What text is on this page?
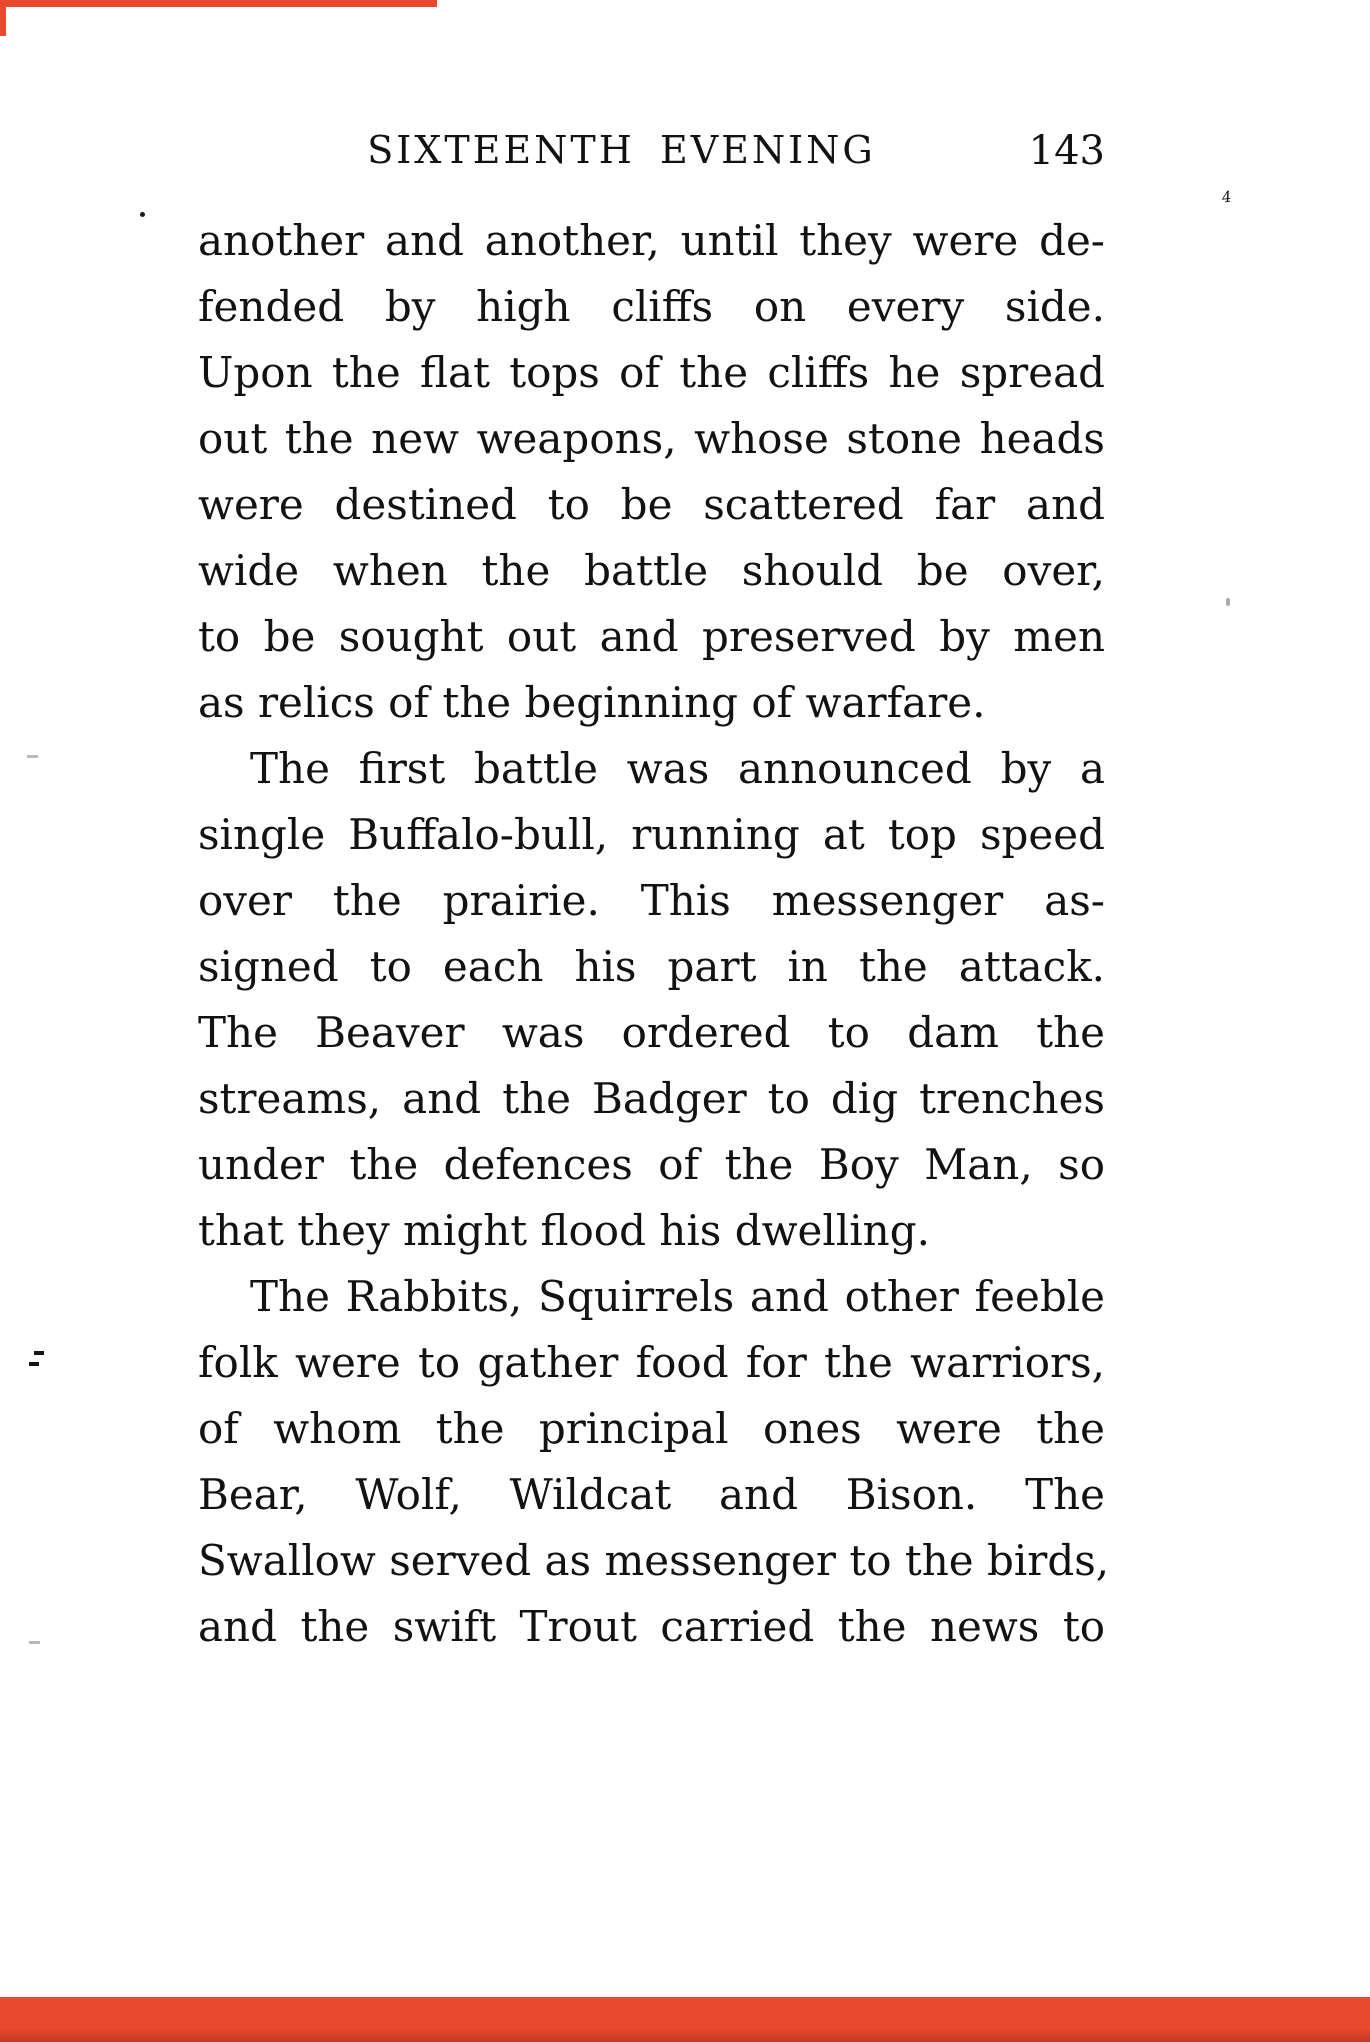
SIXTEENTH EVENING	143
another and another, until they were de-
fended by high cliffs on every side.
Upon the flat tops of the cliffs he spread
out the new weapons, whose stone heads
were destined to be scattered far and
wide when the battle should be over,
to be sought out and preserved by men
as relics of the beginning of warfare.
The first battle was announced by a
single Buffalo-bull, running at top speed
over the prairie. This messenger as-
signed to each his part in the attack.
The Beaver was ordered to dam the
streams, and the Badger to dig trenches
under the defences of the Boy Man, so
that they might flood his dwelling.
The Rabbits, Squirrels and other feeble
folk were to gather food for the warriors,
of whom the principal ones were the
Bear, Wolf, Wildcat and Bison. The
Swallow served as messenger to the birds,
and the swift Trout carried the news to
4
